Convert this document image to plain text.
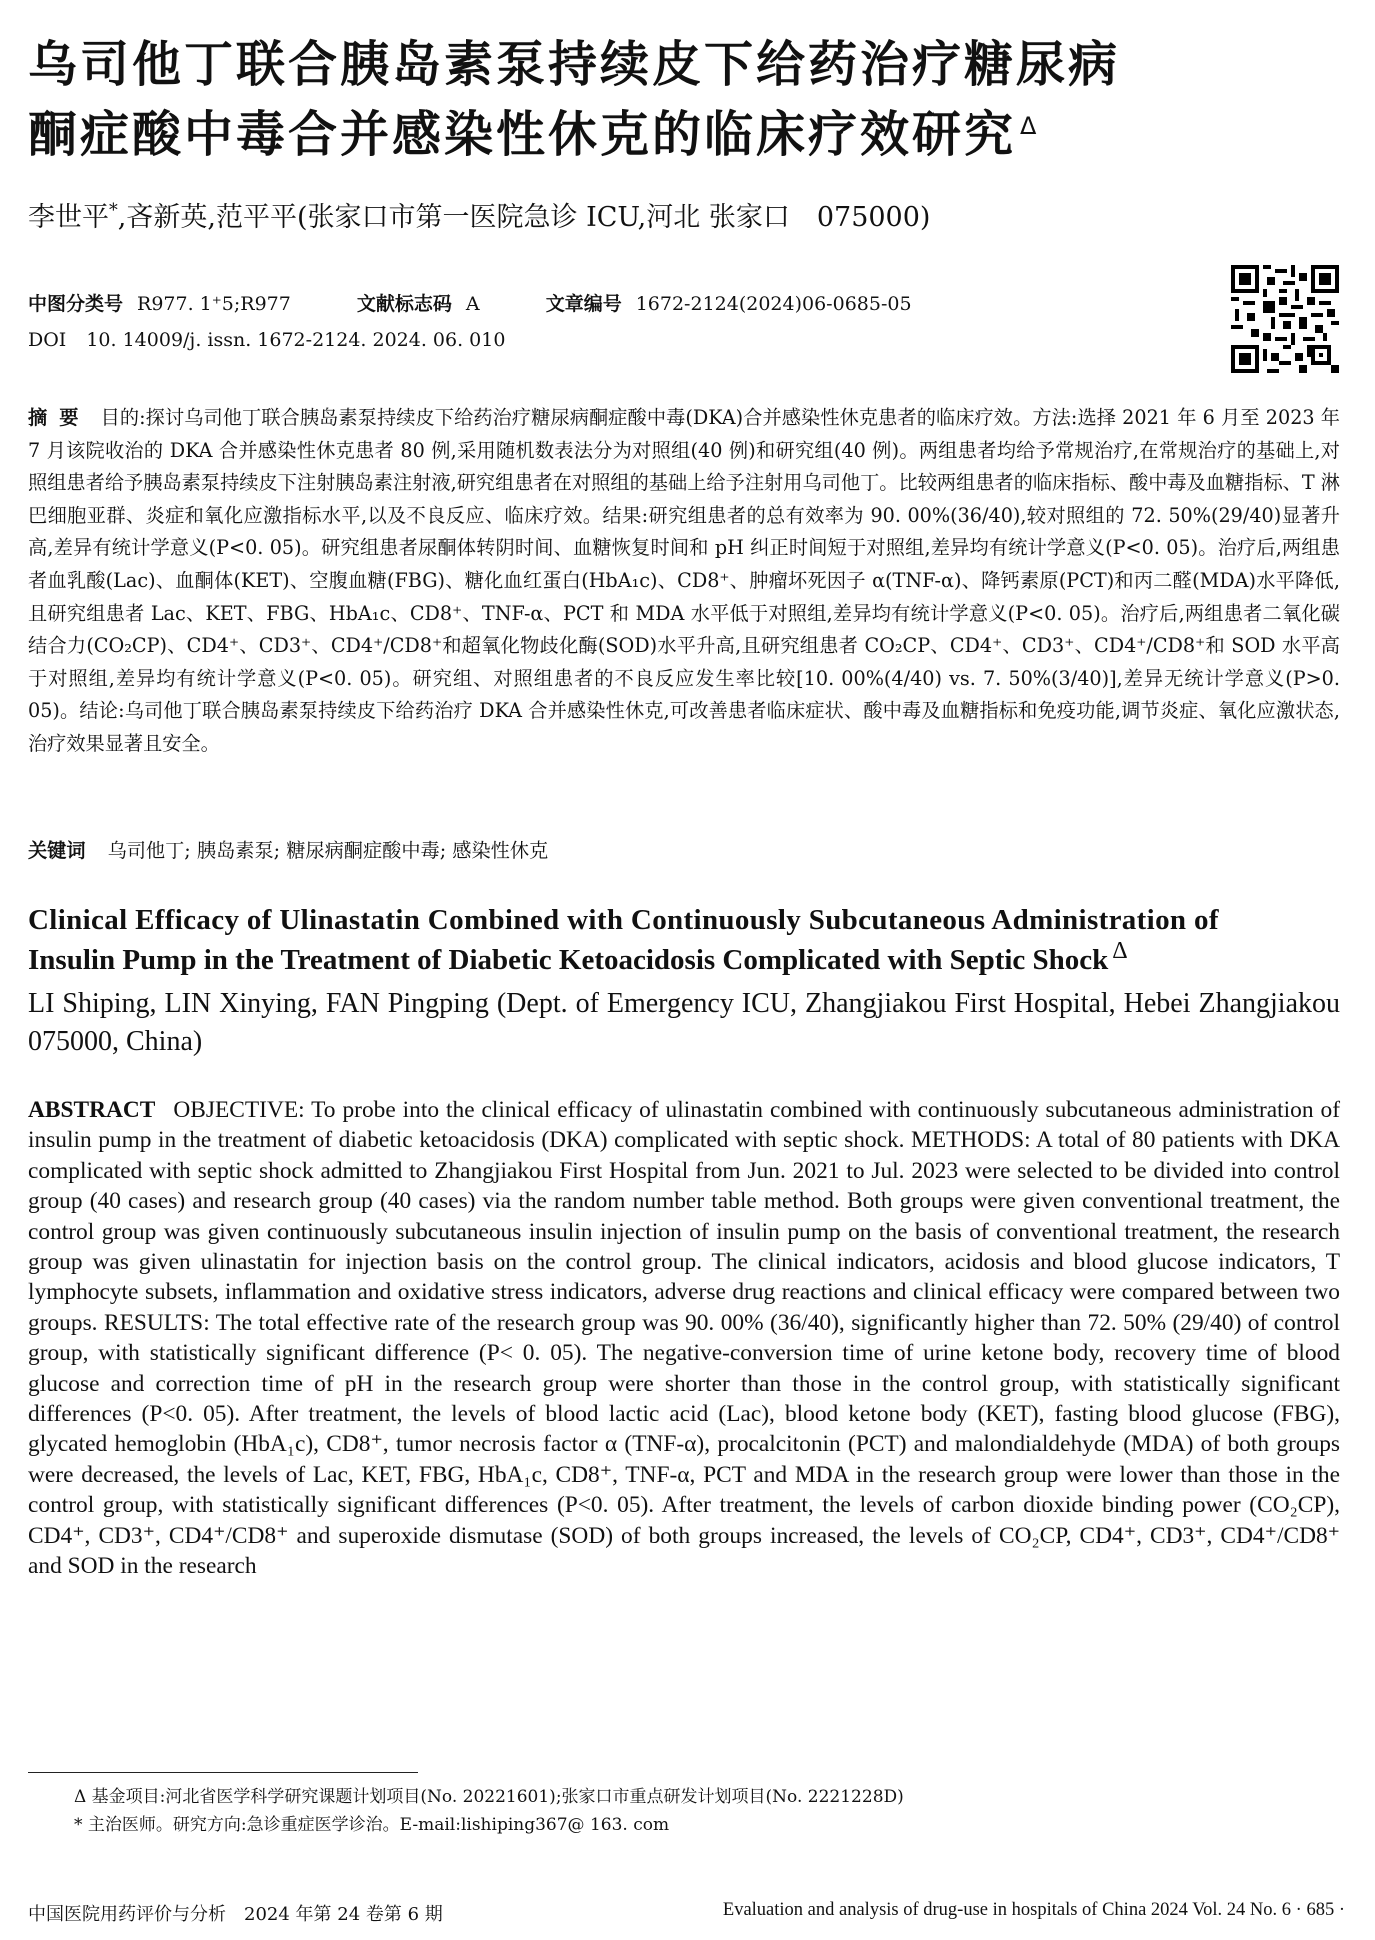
乌司他丁联合胰岛素泵持续皮下给药治疗糖尿病
酮症酸中毒合并感染性休克的临床疗效研究 $^\Delta$
李世平*,吝新英,范平平(张家口市第一医院急诊 ICU,河北 张家口　075000)
中图分类号 R977. 1⁺5;R977	文献标志码 A	文章编号 1672-2124(2024)06-0685-05
DOI 10. 14009/j. issn. 1672-2124. 2024. 06. 010
摘要 目的:探讨乌司他丁联合胰岛素泵持续皮下给药治疗糖尿病酮症酸中毒(DKA)合并感染性休克患者的临床疗效。方法:选择 2021 年 6 月至 2023 年 7 月该院收治的 DKA 合并感染性休克患者 80 例,采用随机数表法分为对照组(40 例)和研究组(40 例)。两组患者均给予常规治疗,在常规治疗的基础上,对照组患者给予胰岛素泵持续皮下注射胰岛素注射液,研究组患者在对照组的基础上给予注射用乌司他丁。比较两组患者的临床指标、酸中毒及血糖指标、T 淋巴细胞亚群、炎症和氧化应激指标水平,以及不良反应、临床疗效。结果:研究组患者的总有效率为 90. 00%(36/40),较对照组的 72. 50%(29/40)显著升高,差异有统计学意义(P<0. 05)。研究组患者尿酮体转阴时间、血糖恢复时间和 pH 纠正时间短于对照组,差异均有统计学意义(P<0. 05)。治疗后,两组患者血乳酸(Lac)、血酮体(KET)、空腹血糖(FBG)、糖化血红蛋白(HbA₁c)、CD8⁺、肿瘤坏死因子 α(TNF-α)、降钙素原(PCT)和丙二醛(MDA)水平降低,且研究组患者 Lac、KET、FBG、HbA₁c、CD8⁺、TNF-α、PCT 和 MDA 水平低于对照组,差异均有统计学意义(P<0. 05)。治疗后,两组患者二氧化碳结合力(CO₂CP)、CD4⁺、CD3⁺、CD4⁺/CD8⁺和超氧化物歧化酶(SOD)水平升高,且研究组患者 CO₂CP、CD4⁺、CD3⁺、CD4⁺/CD8⁺和 SOD 水平高于对照组,差异均有统计学意义(P<0. 05)。研究组、对照组患者的不良反应发生率比较[10. 00%(4/40) vs. 7. 50%(3/40)],差异无统计学意义(P>0. 05)。结论:乌司他丁联合胰岛素泵持续皮下给药治疗 DKA 合并感染性休克,可改善患者临床症状、酸中毒及血糖指标和免疫功能,调节炎症、氧化应激状态,治疗效果显著且安全。
关键词 乌司他丁; 胰岛素泵; 糖尿病酮症酸中毒; 感染性休克
Clinical Efficacy of Ulinastatin Combined with Continuously Subcutaneous Administration of
Insulin Pump in the Treatment of Diabetic Ketoacidosis Complicated with Septic Shock $^\Delta$
LI Shiping, LIN Xinying, FAN Pingping (Dept. of Emergency ICU, Zhangjiakou First Hospital, Hebei Zhangjiakou 075000, China)
ABSTRACT OBJECTIVE: To probe into the clinical efficacy of ulinastatin combined with continuously subcutaneous administration of insulin pump in the treatment of diabetic ketoacidosis (DKA) complicated with septic shock. METHODS: A total of 80 patients with DKA complicated with septic shock admitted to Zhangjiakou First Hospital from Jun. 2021 to Jul. 2023 were selected to be divided into control group (40 cases) and research group (40 cases) via the random number table method. Both groups were given conventional treatment, the control group was given continuously subcutaneous insulin injection of insulin pump on the basis of conventional treatment, the research group was given ulinastatin for injection basis on the control group. The clinical indicators, acidosis and blood glucose indicators, T lymphocyte subsets, inflammation and oxidative stress indicators, adverse drug reactions and clinical efficacy were compared between two groups. RESULTS: The total effective rate of the research group was 90. 00% (36/40), significantly higher than 72. 50% (29/40) of control group, with statistically significant difference (P< 0. 05). The negative-conversion time of urine ketone body, recovery time of blood glucose and correction time of pH in the research group were shorter than those in the control group, with statistically significant differences (P<0. 05). After treatment, the levels of blood lactic acid (Lac), blood ketone body (KET), fasting blood glucose (FBG), glycated hemoglobin (HbA₁c), CD8⁺, tumor necrosis factor α (TNF-α), procalcitonin (PCT) and malondialdehyde (MDA) of both groups were decreased, the levels of Lac, KET, FBG, HbA₁c, CD8⁺, TNF-α, PCT and MDA in the research group were lower than those in the control group, with statistically significant differences (P<0. 05). After treatment, the levels of carbon dioxide binding power (CO₂CP), CD4⁺, CD3⁺, CD4⁺/CD8⁺ and superoxide dismutase (SOD) of both groups increased, the levels of CO₂CP, CD4⁺, CD3⁺, CD4⁺/CD8⁺ and SOD in the research
Δ 基金项目:河北省医学科学研究课题计划项目(No. 20221601);张家口市重点研发计划项目(No. 2221228D)
* 主治医师。研究方向:急诊重症医学诊治。E-mail:lishiping367@ 163. com
中国医院用药评价与分析　2024 年第 24 卷第 6 期	Evaluation and analysis of drug-use in hospitals of China 2024 Vol. 24 No. 6 · 685 ·
